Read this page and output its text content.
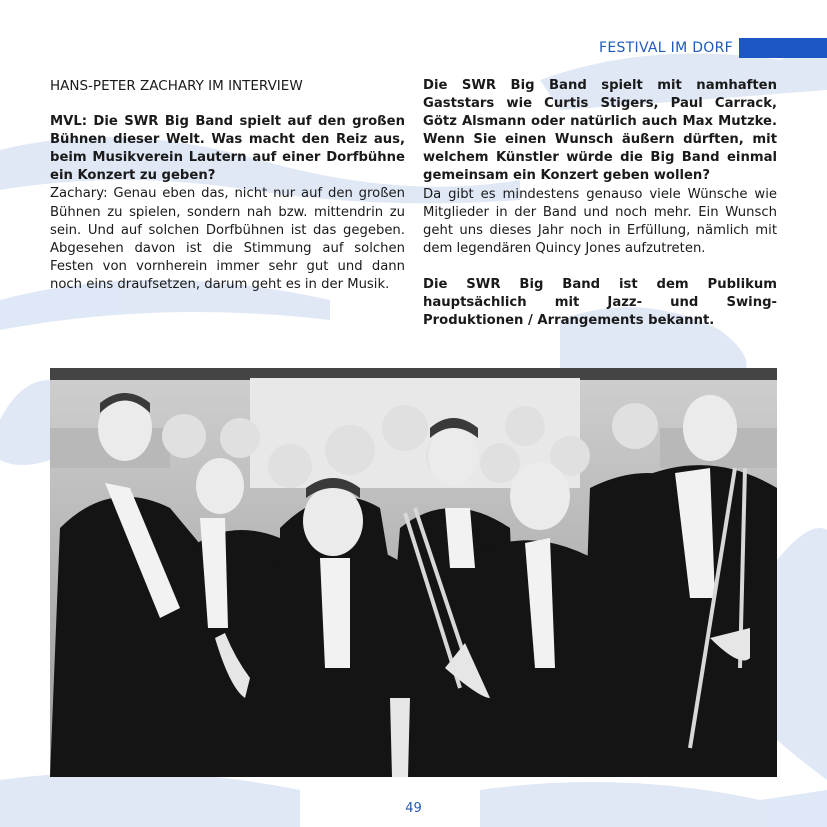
FESTIVAL IM DORF

HANS-PETER ZACHARY IM INTERVIEW

MVL: Die SWR Big Band spielt auf den großen Bühnen dieser Welt. Was macht den Reiz aus, beim Musikverein Lautern auf einer Dorfbühne ein Konzert zu geben?

Zachary: Genau eben das, nicht nur auf den großen Bühnen zu spielen, sondern nah bzw. mittendrin zu sein. Und auf solchen Dorfbühnen ist das gegeben. Abgesehen davon ist die Stimmung auf solchen Festen von vornherein immer sehr gut und dann noch eins draufsetzen, darum geht es in der Musik.

Die SWR Big Band spielt mit namhaften Gaststars wie Curtis Stigers, Paul Carrack, Götz Alsmann oder natürlich auch Max Mutzke. Wenn Sie einen Wunsch äußern dürften, mit welchem Künstler würde die Big Band einmal gemeinsam ein Konzert geben wollen?

Da gibt es mindestens genauso viele Wünsche wie Mitglieder in der Band und noch mehr. Ein Wunsch geht uns dieses Jahr noch in Erfüllung, nämlich mit dem legendären Quincy Jones aufzutreten.

Die SWR Big Band ist dem Publikum hauptsächlich mit Jazz- und Swing-Produktionen / Arrangements bekannt.

49
